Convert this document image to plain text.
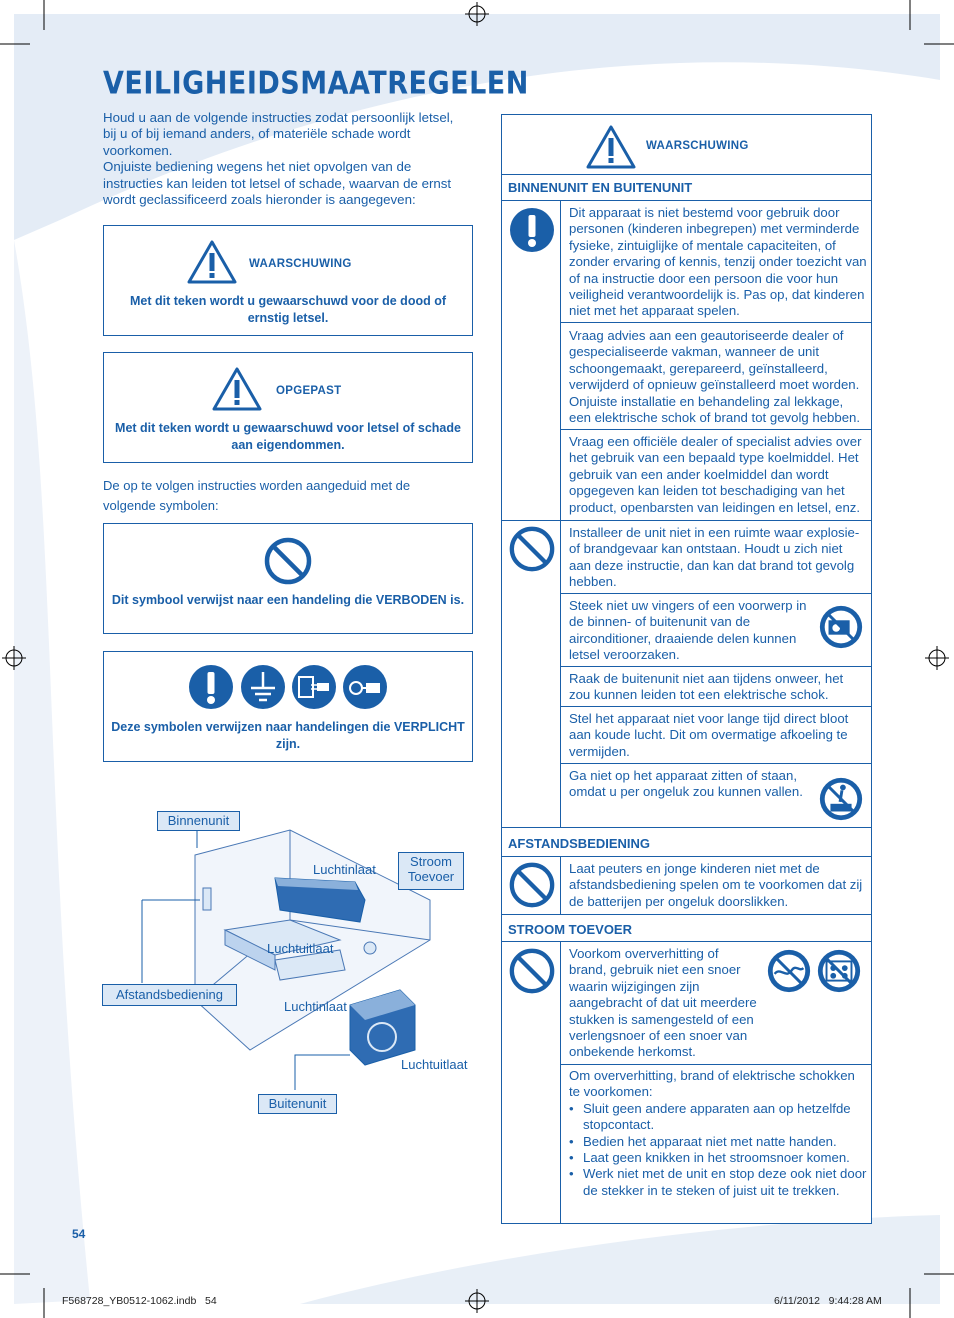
VEILIGHEIDSMAATREGELEN

Houd u aan de volgende instructies zodat persoonlijk letsel, bij u of bij iemand anders, of materiële schade wordt voorkomen.

Onjuiste bediening wegens het niet opvolgen van de instructies kan leiden tot letsel of schade, waarvan de ernst wordt geclassificeerd zoals hieronder is aangegeven:

WAARSCHUWING
Met dit teken wordt u gewaarschuwd voor de dood of ernstig letsel.
OPGEPAST
Met dit teken wordt u gewaarschuwd voor letsel of schade aan eigendommen.
De op te volgen instructies worden aangeduid met de
volgende symbolen:
Dit symbool verwijst naar een handeling die VERBODEN is.
Deze symbolen verwijzen naar handelingen die VERPLICHT zijn.
Binnenunit
Luchtinlaat
Stroom
Toevoer
Luchtuitlaat
Afstandsbediening
Luchtinlaat
Luchtuitlaat
Buitenunit
WAARSCHUWING
BINNENUNIT EN BUITENUNIT
Dit apparaat is niet bestemd voor gebruik door personen (kinderen inbegrepen) met verminderde fysieke, zintuiglijke of mentale capaciteiten, of zonder ervaring of kennis, tenzij onder toezicht van of na instructie door een persoon die voor hun veiligheid verantwoordelijk is. Pas op, dat kinderen niet met het apparaat spelen.
Vraag advies aan een geautoriseerde dealer of gespecialiseerde vakman, wanneer de unit schoongemaakt, gerepareerd, geïnstalleerd, verwijderd of opnieuw geïnstalleerd moet worden. Onjuiste installatie en behandeling zal lekkage, een elektrische schok of brand tot gevolg hebben.
Vraag een officiële dealer of specialist advies over het gebruik van een bepaald type koelmiddel. Het gebruik van een ander koelmiddel dan wordt opgegeven kan leiden tot beschadiging van het product, openbarsten van leidingen en letsel, enz.
Installeer de unit niet in een ruimte waar explosie- of brandgevaar kan ontstaan. Houdt u zich niet aan deze instructie, dan kan dat brand tot gevolg hebben.
Steek niet uw vingers of een voorwerp in de binnen- of buitenunit van de airconditioner, draaiende delen kunnen letsel veroorzaken.
Raak de buitenunit niet aan tijdens onweer, het zou kunnen leiden tot een elektrische schok.
Stel het apparaat niet voor lange tijd direct bloot aan koude lucht. Dit om overmatige afkoeling te vermijden.
Ga niet op het apparaat zitten of staan, omdat u per ongeluk zou kunnen vallen.
AFSTANDSBEDIENING
Laat peuters en jonge kinderen niet met de afstandsbediening spelen om te voorkomen dat zij de batterijen per ongeluk doorslikken.
STROOM TOEVOER
Voorkom oververhitting of brand, gebruik niet een snoer waarin wijzigingen zijn aangebracht of dat uit meerdere stukken is samengesteld of een verlengsnoer of een snoer van onbekende herkomst.
Om oververhitting, brand of elektrische schokken te voorkomen:
• Sluit geen andere apparaten aan op hetzelfde stopcontact.
• Bedien het apparaat niet met natte handen.
• Laat geen knikken in het stroomsnoer komen.
• Werk niet met de unit en stop deze ook niet door de stekker in te steken of juist uit te trekken.
54
F568728_YB0512-1062.indb   54	6/11/2012   9:44:28 AM
